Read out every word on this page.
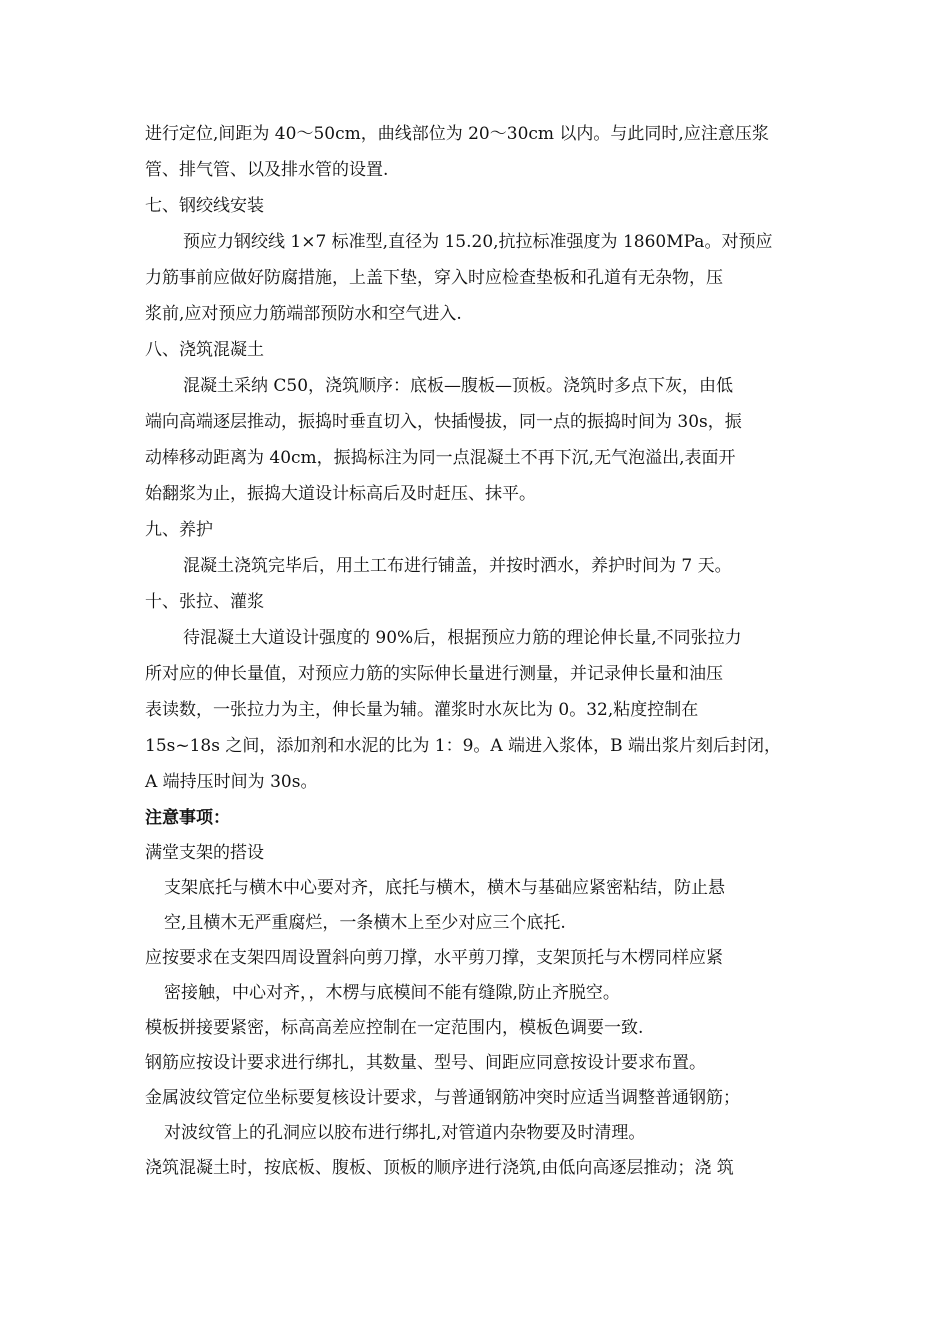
进行定位,间距为 40～50cm，曲线部位为 20～30cm 以内。与此同时,应注意压浆
管、排气管、以及排水管的设置.
七、钢绞线安装
预应力钢绞线 1×7 标准型,直径为 15.20,抗拉标准强度为 1860MPa。对预应
力筋事前应做好防腐措施，上盖下垫，穿入时应检查垫板和孔道有无杂物，压
浆前,应对预应力筋端部预防水和空气进入.
八、浇筑混凝土
混凝土采纳 C50，浇筑顺序：底板—腹板—顶板。浇筑时多点下灰，由低
端向高端逐层推动，振捣时垂直切入，快插慢拔，同一点的振捣时间为 30s，振
动棒移动距离为 40cm，振捣标注为同一点混凝土不再下沉,无气泡溢出,表面开
始翻浆为止，振捣大道设计标高后及时赶压、抹平。
九、养护
混凝土浇筑完毕后，用土工布进行铺盖，并按时洒水，养护时间为 7 天。
十、张拉、灌浆
待混凝土大道设计强度的 90%后，根据预应力筋的理论伸长量,不同张拉力
所对应的伸长量值，对预应力筋的实际伸长量进行测量，并记录伸长量和油压
表读数，一张拉力为主，伸长量为辅。灌浆时水灰比为 0。32,粘度控制在
15s~18s 之间，添加剂和水泥的比为 1：9。A 端进入浆体，B 端出浆片刻后封闭，
A 端持压时间为 30s。
注意事项：
满堂支架的搭设
支架底托与横木中心要对齐，底托与横木，横木与基础应紧密粘结，防止悬
空,且横木无严重腐烂，一条横木上至少对应三个底托.
应按要求在支架四周设置斜向剪刀撑，水平剪刀撑，支架顶托与木楞同样应紧
密接触，中心对齐，，木楞与底模间不能有缝隙,防止齐脱空。
模板拼接要紧密，标高高差应控制在一定范围内，模板色调要一致.
钢筋应按设计要求进行绑扎，其数量、型号、间距应同意按设计要求布置。
金属波纹管定位坐标要复核设计要求，与普通钢筋冲突时应适当调整普通钢筋；
对波纹管上的孔洞应以胶布进行绑扎,对管道内杂物要及时清理。
浇筑混凝土时，按底板、腹板、顶板的顺序进行浇筑,由低向高逐层推动；浇 筑
